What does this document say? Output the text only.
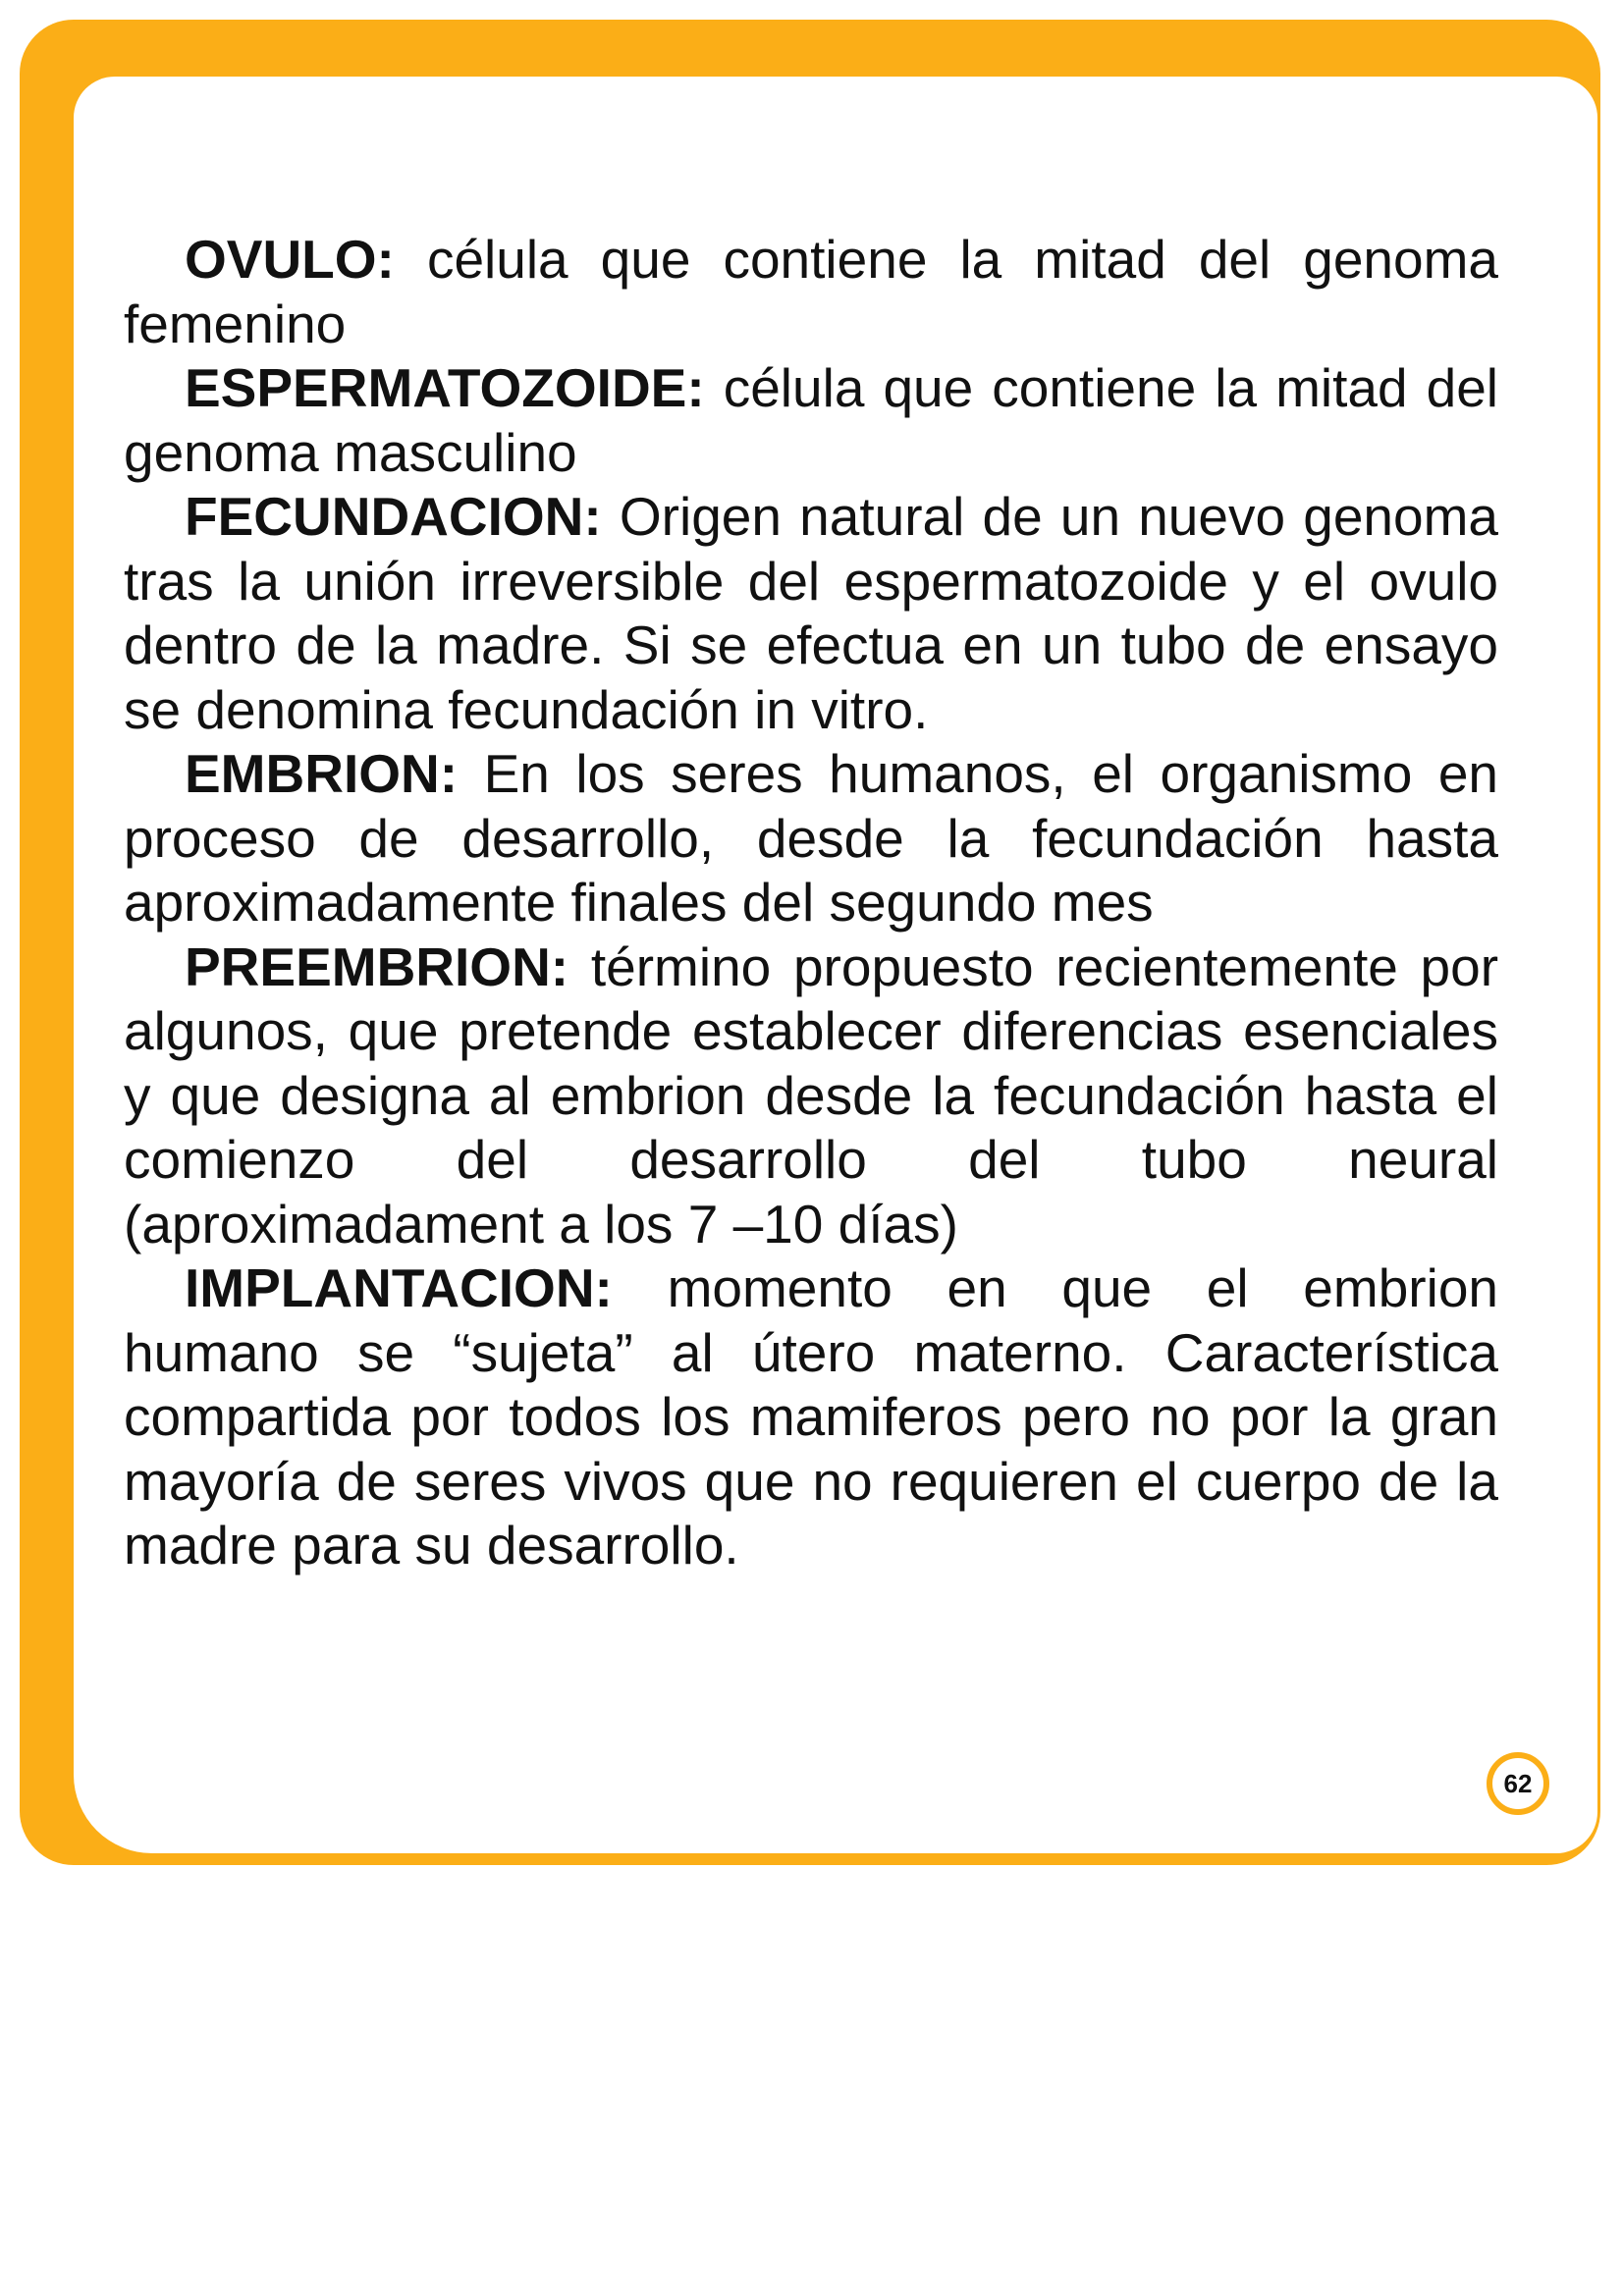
OVULO: célula que contiene la mitad del genoma femenino

ESPERMATOZOIDE: célula que contiene la mitad del genoma masculino

FECUNDACION: Origen natural de un nuevo genoma tras la unión irreversible del espermatozoide y el ovulo dentro de la madre. Si se efectua en un tubo de ensayo se denomina fecundación in vitro.

EMBRION: En los seres humanos, el organismo en proceso de desarrollo, desde la fecundación hasta aproximadamente finales del segundo mes

PREEMBRION: término propuesto recientemente por algunos, que pretende establecer diferencias esenciales y que designa al embrion desde la fecundación hasta el comienzo del desarrollo del tubo neural (aproximadament a los 7 –10 días)

IMPLANTACION: momento en que el embrion humano se “sujeta” al útero materno. Característica compartida por todos los mamiferos pero no por la gran mayoría de seres vivos que no requieren el cuerpo de la madre para su desarrollo.

62
